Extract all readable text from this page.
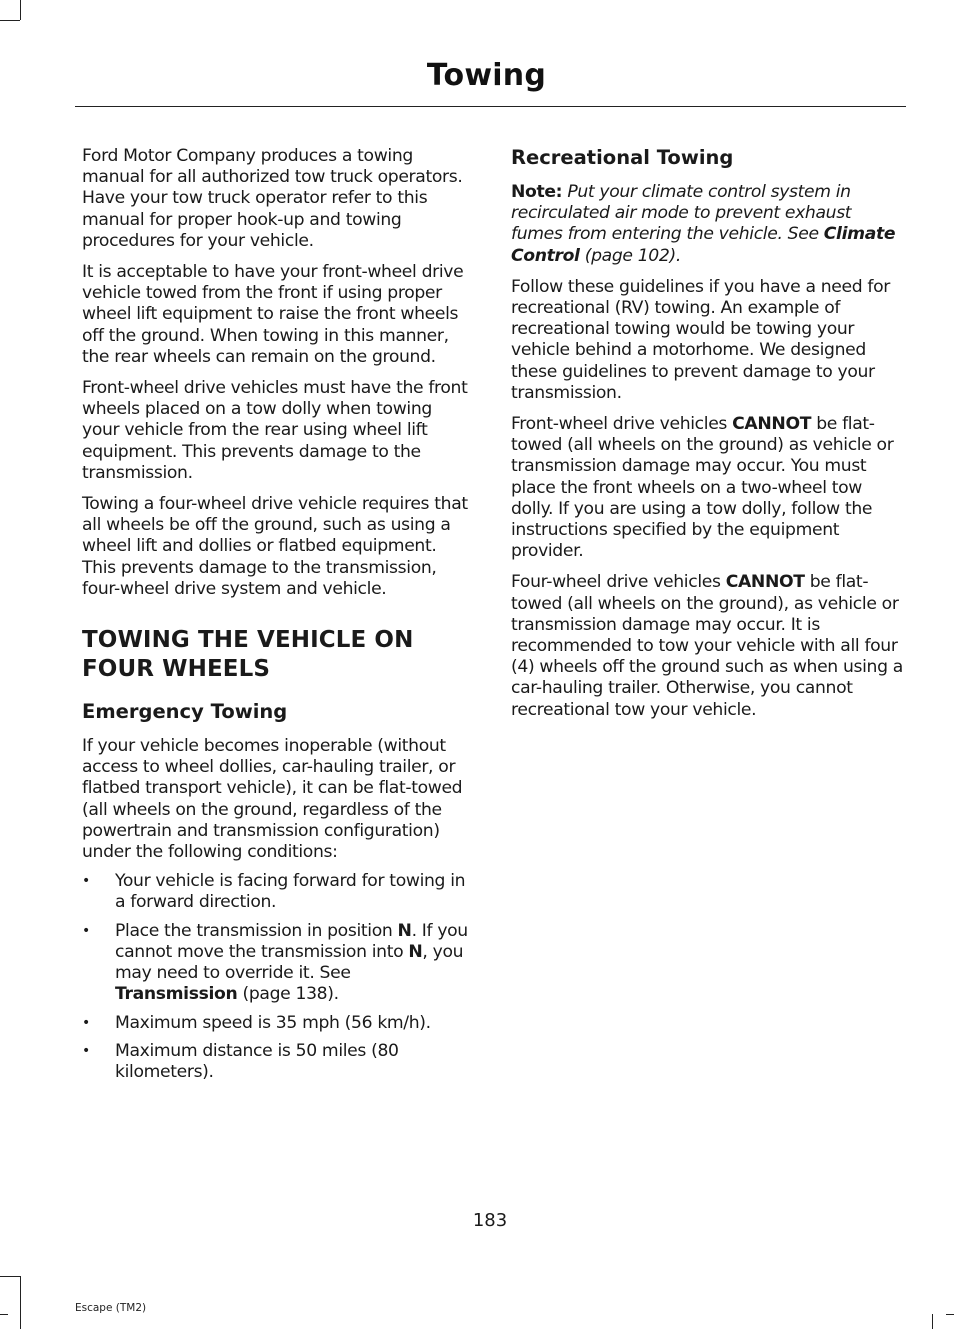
Towing

Ford Motor Company produces a towing manual for all authorized tow truck operators. Have your tow truck operator refer to this manual for proper hook-up and towing procedures for your vehicle.

It is acceptable to have your front-wheel drive vehicle towed from the front if using proper wheel lift equipment to raise the front wheels off the ground. When towing in this manner, the rear wheels can remain on the ground.

Front-wheel drive vehicles must have the front wheels placed on a tow dolly when towing your vehicle from the rear using wheel lift equipment. This prevents damage to the transmission.

Towing a four-wheel drive vehicle requires that all wheels be off the ground, such as using a wheel lift and dollies or flatbed equipment. This prevents damage to the transmission, four-wheel drive system and vehicle.

TOWING THE VEHICLE ON FOUR WHEELS
Emergency Towing

If your vehicle becomes inoperable (without access to wheel dollies, car-hauling trailer, or flatbed transport vehicle), it can be flat-towed (all wheels on the ground, regardless of the powertrain and transmission configuration) under the following conditions:

• Your vehicle is facing forward for towing in a forward direction.
• Place the transmission in position N. If you cannot move the transmission into N, you may need to override it. See Transmission (page 138).
• Maximum speed is 35 mph (56 km/h).
• Maximum distance is 50 miles (80 kilometers).
Recreational Towing

Note: Put your climate control system in recirculated air mode to prevent exhaust fumes from entering the vehicle. See Climate Control (page 102).

Follow these guidelines if you have a need for recreational (RV) towing. An example of recreational towing would be towing your vehicle behind a motorhome. We designed these guidelines to prevent damage to your transmission.

Front-wheel drive vehicles CANNOT be flat-towed (all wheels on the ground) as vehicle or transmission damage may occur. You must place the front wheels on a two-wheel tow dolly. If you are using a tow dolly, follow the instructions specified by the equipment provider.

Four-wheel drive vehicles CANNOT be flat-towed (all wheels on the ground), as vehicle or transmission damage may occur. It is recommended to tow your vehicle with all four (4) wheels off the ground such as when using a car-hauling trailer. Otherwise, you cannot recreational tow your vehicle.

183
Escape (TM2)
